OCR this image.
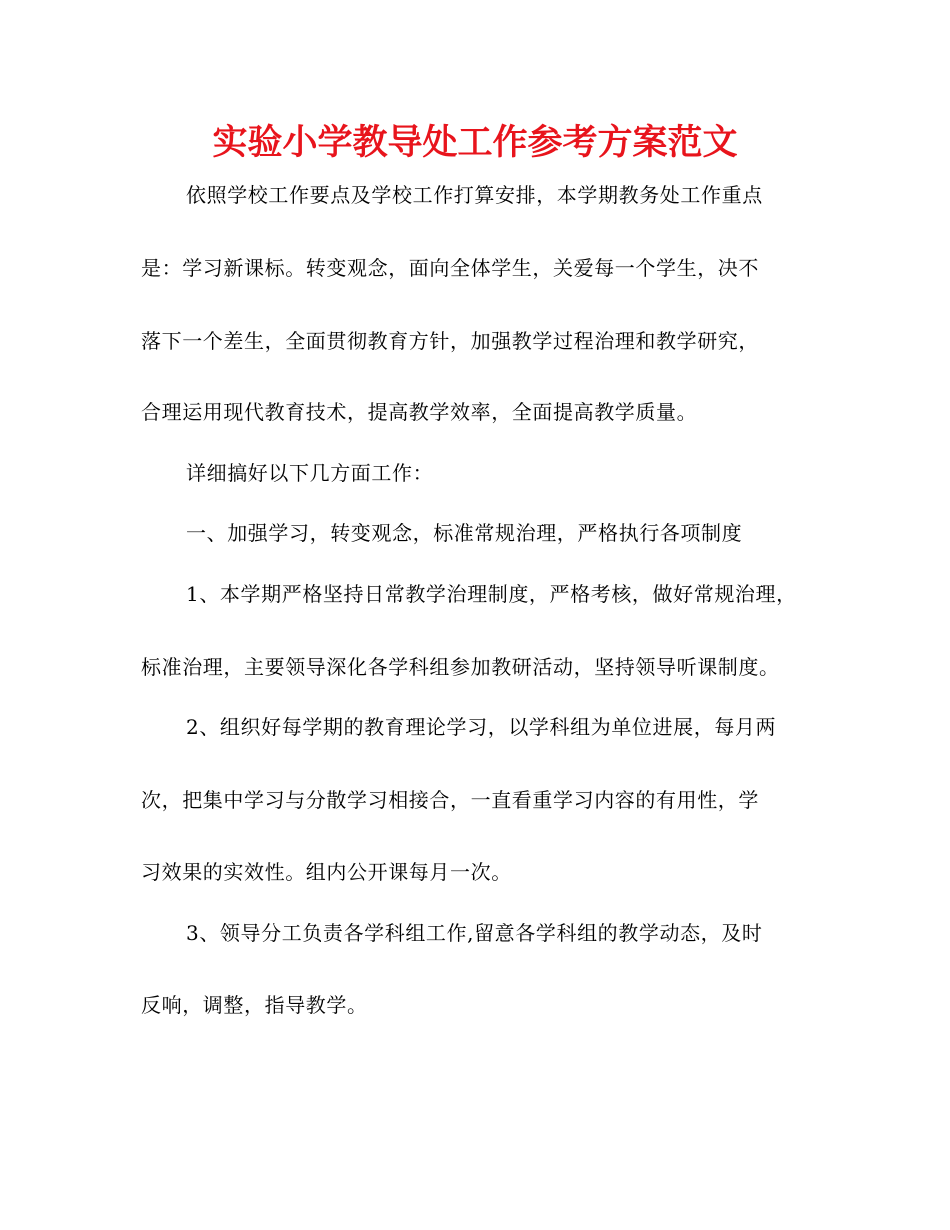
实验小学教导处工作参考方案范文
依照学校工作要点及学校工作打算安排，本学期教务处工作重点
是：学习新课标。转变观念，面向全体学生，关爱每一个学生，决不
落下一个差生，全面贯彻教育方针，加强教学过程治理和教学研究，
合理运用现代教育技术，提高教学效率，全面提高教学质量。
详细搞好以下几方面工作：
一、加强学习，转变观念，标准常规治理，严格执行各项制度
1、本学期严格坚持日常教学治理制度，严格考核，做好常规治理，
标准治理，主要领导深化各学科组参加教研活动，坚持领导听课制度。
2、组织好每学期的教育理论学习，以学科组为单位进展，每月两
次，把集中学习与分散学习相接合，一直看重学习内容的有用性，学
习效果的实效性。组内公开课每月一次。
3、领导分工负责各学科组工作,留意各学科组的教学动态，及时
反响，调整，指导教学。
